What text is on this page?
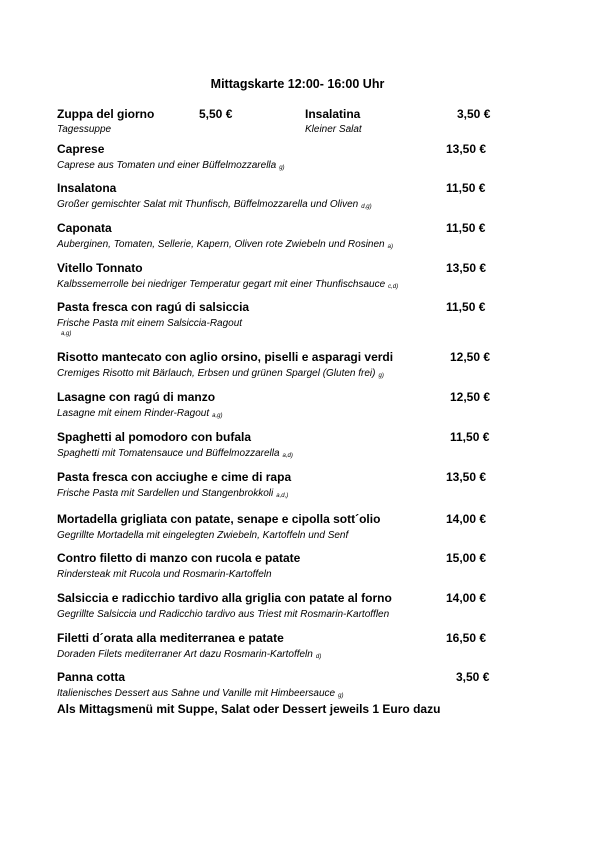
Mittagskarte 12:00- 16:00 Uhr
Zuppa del giorno
Tagessuppe
5,50 €	Insalatina
Kleiner Salat
3,50 €
Caprese
Caprese aus Tomaten und einer Büffelmozzarella g)
13,50 €
Insalatona
Großer gemischter Salat mit Thunfisch, Büffelmozzarella und Oliven d,g)
11,50 €
Caponata
Auberginen, Tomaten, Sellerie, Kapern, Oliven rote Zwiebeln und Rosinen a)
11,50 €
Vitello Tonnato
Kalbssemerrolle bei niedriger Temperatur gegart mit einer Thunfischsauce c,d)
13,50 €
Pasta fresca con ragú di salsiccia
Frische Pasta mit einem Salsiccia-Ragout
a,g)
11,50 €
Risotto mantecato con aglio orsino, piselli e asparagi verdi
Cremiges Risotto mit Bärlauch, Erbsen und grünen Spargel (Gluten frei) g)
12,50 €
Lasagne con ragú di manzo
Lasagne mit einem Rinder-Ragout a,g)
12,50 €
Spaghetti al pomodoro con bufala
Spaghetti mit Tomatensauce und Büffelmozzarella a,d)
11,50 €
Pasta fresca con acciughe e cime di rapa
Frische Pasta mit Sardellen und Stangenbrokkoli a,d,)
13,50 €
Mortadella grigliata con patate, senape e cipolla sott´olio
Gegrillte Mortadella mit eingelegten Zwiebeln, Kartoffeln und Senf
14,00 €
Contro filetto di manzo con rucola e patate
Rindersteak mit Rucola und Rosmarin-Kartoffeln
15,00 €
Salsiccia e radicchio tardivo alla griglia con patate al forno
Gegrillte Salsiccia und Radicchio tardivo aus Triest mit Rosmarin-Kartofflen
14,00 €
Filetti d´orata alla mediterranea e patate
Doraden Filets mediterraner Art dazu Rosmarin-Kartoffeln d)
16,50 €
Panna cotta
Italienisches Dessert aus Sahne und Vanille mit Himbeersauce g)
3,50 €
Als Mittagsmenü mit Suppe, Salat oder Dessert jeweils 1 Euro dazu
